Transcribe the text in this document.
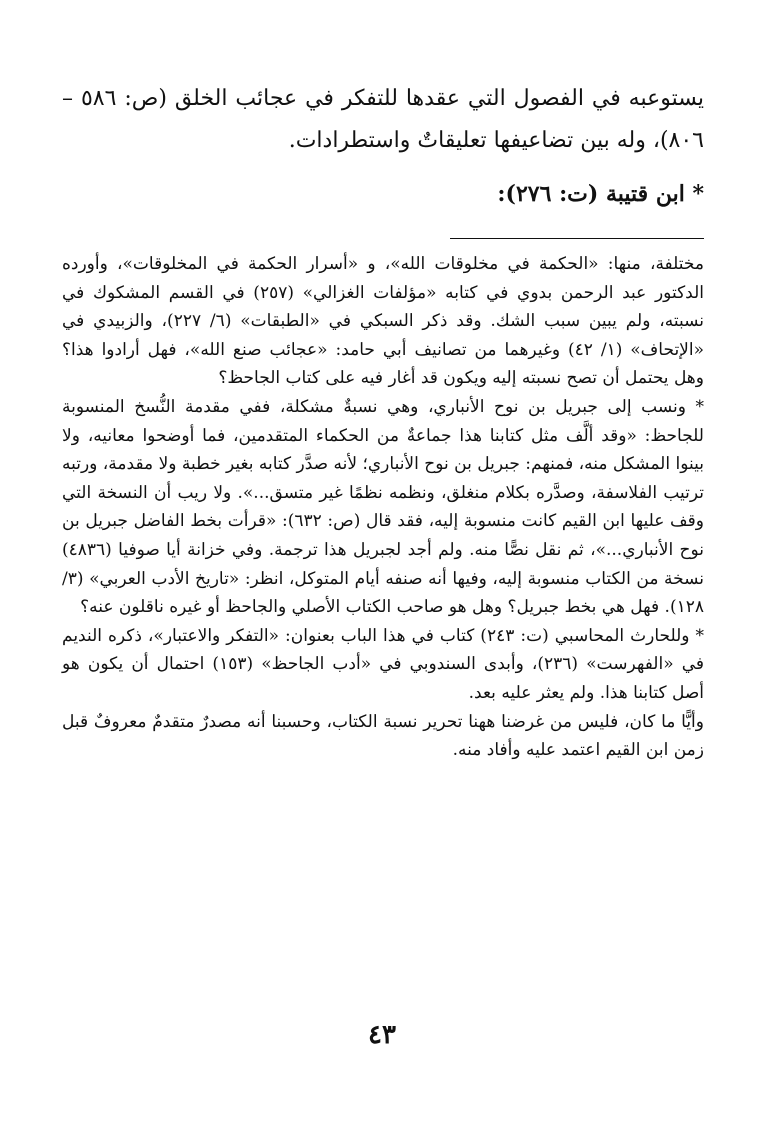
يستوعبه في الفصول التي عقدها للتفكر في عجائب الخلق (ص: ٥٨٦ – ٨٠٦)، وله بين تضاعيفها تعليقاتٌ واستطرادات.

* ابن قتيبة (ت: ٢٧٦):

مختلفة، منها: «الحكمة في مخلوقات الله»، و «أسرار الحكمة في المخلوقات»، وأورده الدكتور عبد الرحمن بدوي في كتابه «مؤلفات الغزالي» (٢٥٧) في القسم المشكوك في نسبته، ولم يبين سبب الشك. وقد ذكر السبكي في «الطبقات» (٦/ ٢٢٧)، والزبيدي في «الإتحاف» (١/ ٤٢) وغيرهما من تصانيف أبي حامد: «عجائب صنع الله»، فهل أرادوا هذا؟ وهل يحتمل أن تصح نسبته إليه ويكون قد أغار فيه على كتاب الجاحظ؟

* ونسب إلى جبريل بن نوح الأنباري، وهي نسبةٌ مشكلة، ففي مقدمة النُّسخ المنسوبة للجاحظ: «وقد ألَّف مثل كتابنا هذا جماعةٌ من الحكماء المتقدمين، فما أوضحوا معانيه، ولا بينوا المشكل منه، فمنهم: جبريل بن نوح الأنباري؛ لأنه صدَّر كتابه بغير خطبة ولا مقدمة، ورتبه ترتيب الفلاسفة، وصدَّره بكلام منغلق، ونظمه نظمًا غير متسق...». ولا ريب أن النسخة التي وقف عليها ابن القيم كانت منسوبة إليه، فقد قال (ص: ٦٣٢): «قرأت بخط الفاضل جبريل بن نوح الأنباري...»، ثم نقل نصًّا منه. ولم أجد لجبريل هذا ترجمة. وفي خزانة أيا صوفيا (٤٨٣٦) نسخة من الكتاب منسوبة إليه، وفيها أنه صنفه أيام المتوكل، انظر: «تاريخ الأدب العربي» (٣/ ١٢٨). فهل هي بخط جبريل؟ وهل هو صاحب الكتاب الأصلي والجاحظ أو غيره ناقلون عنه؟

* وللحارث المحاسبي (ت: ٢٤٣) كتاب في هذا الباب بعنوان: «التفكر والاعتبار»، ذكره النديم في «الفهرست» (٢٣٦)، وأبدى السندوبي في «أدب الجاحظ» (١٥٣) احتمال أن يكون هو أصل كتابنا هذا. ولم يعثر عليه بعد.

وأيًّا ما كان، فليس من غرضنا ههنا تحرير نسبة الكتاب، وحسبنا أنه مصدرٌ متقدمٌ معروفٌ قبل زمن ابن القيم اعتمد عليه وأفاد منه.

٤٣
